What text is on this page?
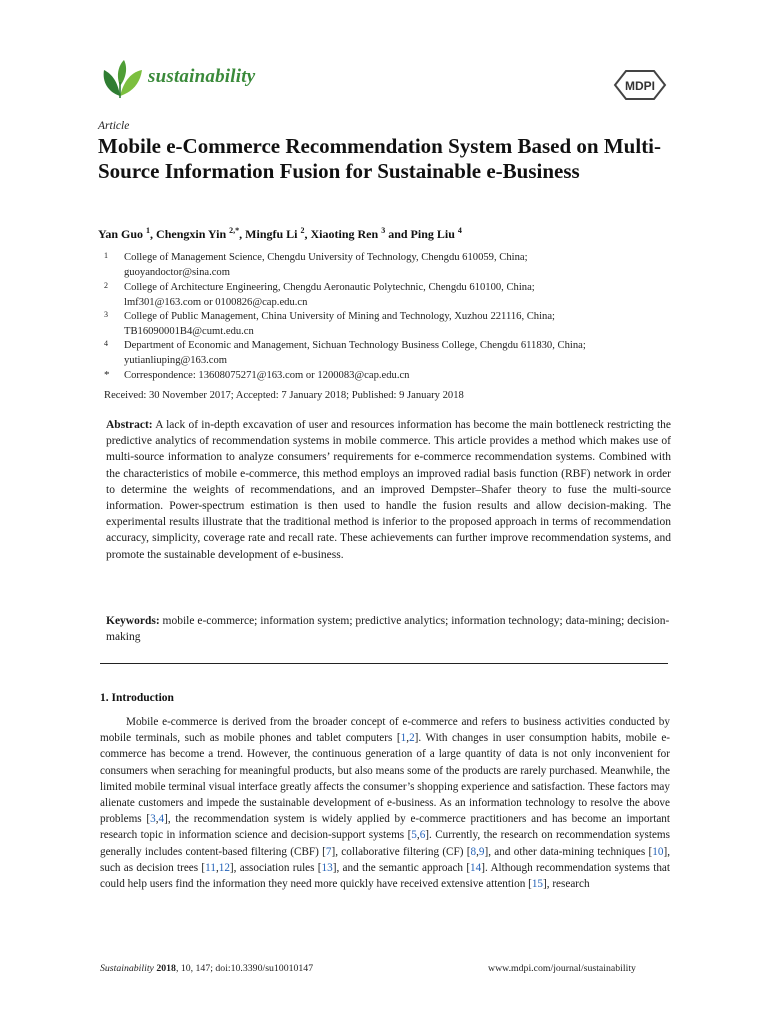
sustainability	MDPI
Article
Mobile e-Commerce Recommendation System Based on Multi-Source Information Fusion for Sustainable e-Business
Yan Guo $^1$, Chengxin Yin $^{2,*}$, Mingfu Li $^2$, Xiaoting Ren $^3$ and Ping Liu $^4$
1 College of Management Science, Chengdu University of Technology, Chengdu 610059, China;
guoyandoctor@sina.com
2 College of Architecture Engineering, Chengdu Aeronautic Polytechnic, Chengdu 610100, China;
lmf301@163.com or 0100826@cap.edu.cn
3 College of Public Management, China University of Mining and Technology, Xuzhou 221116, China;
TB16090001B4@cumt.edu.cn
4 Department of Economic and Management, Sichuan Technology Business College, Chengdu 611830, China;
yutianliuping@163.com
* Correspondence: 13608075271@163.com or 1200083@cap.edu.cn
Received: 30 November 2017; Accepted: 7 January 2018; Published: 9 January 2018
Abstract: A lack of in-depth excavation of user and resources information has become the main bottleneck restricting the predictive analytics of recommendation systems in mobile commerce. This article provides a method which makes use of multi-source information to analyze consumers’ requirements for e-commerce recommendation systems. Combined with the characteristics of mobile e-commerce, this method employs an improved radial basis function (RBF) network in order to determine the weights of recommendations, and an improved Dempster–Shafer theory to fuse the multi-source information. Power-spectrum estimation is then used to handle the fusion results and allow decision-making. The experimental results illustrate that the traditional method is inferior to the proposed approach in terms of recommendation accuracy, simplicity, coverage rate and recall rate. These achievements can further improve recommendation systems, and promote the sustainable development of e-business.
Keywords: mobile e-commerce; information system; predictive analytics; information technology; data-mining; decision-making
1. Introduction
Mobile e-commerce is derived from the broader concept of e-commerce and refers to business activities conducted by mobile terminals, such as mobile phones and tablet computers [1,2]. With changes in user consumption habits, mobile e-commerce has become a trend. However, the continuous generation of a large quantity of data is not only inconvenient for consumers when seraching for meaningful products, but also means some of the products are rarely purchased. Meanwhile, the limited mobile terminal visual interface greatly affects the consumer’s shopping experience and satisfaction. These factors may alienate customers and impede the sustainable development of e-business. As an information technology to resolve the above problems [3,4], the recommendation system is widely applied by e-commerce practitioners and has become an important research topic in information science and decision-support systems [5,6]. Currently, the research on recommendation systems generally includes content-based filtering (CBF) [7], collaborative filtering (CF) [8,9], and other data-mining techniques [10], such as decision trees [11,12], association rules [13], and the semantic approach [14]. Although recommendation systems that could help users find the information they need more quickly have received extensive attention [15], research
Sustainability 2018, 10, 147; doi:10.3390/su10010147	www.mdpi.com/journal/sustainability
